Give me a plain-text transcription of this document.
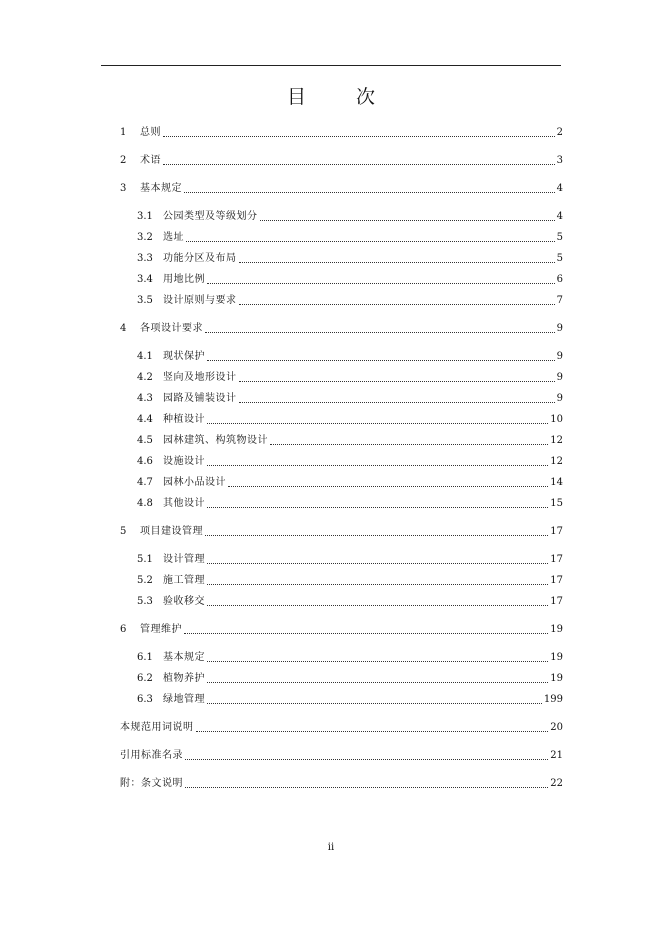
目 次
1	总则	2
2	术语	3
3	基本规定	4
3.1	公园类型及等级划分	4
3.2	选址	5
3.3	功能分区及布局	5
3.4	用地比例	6
3.5	设计原则与要求	7
4	各项设计要求	9
4.1	现状保护	9
4.2	竖向及地形设计	9
4.3	园路及铺装设计	9
4.4	种植设计	10
4.5	园林建筑、构筑物设计	12
4.6	设施设计	12
4.7	园林小品设计	14
4.8	其他设计	15
5	项目建设管理	17
5.1	设计管理	17
5.2	施工管理	17
5.3	验收移交	17
6	管理维护	19
6.1	基本规定	19
6.2	植物养护	19
6.3	绿地管理	199
本规范用词说明	20
引用标准名录	21
附：条文说明	22
ii
